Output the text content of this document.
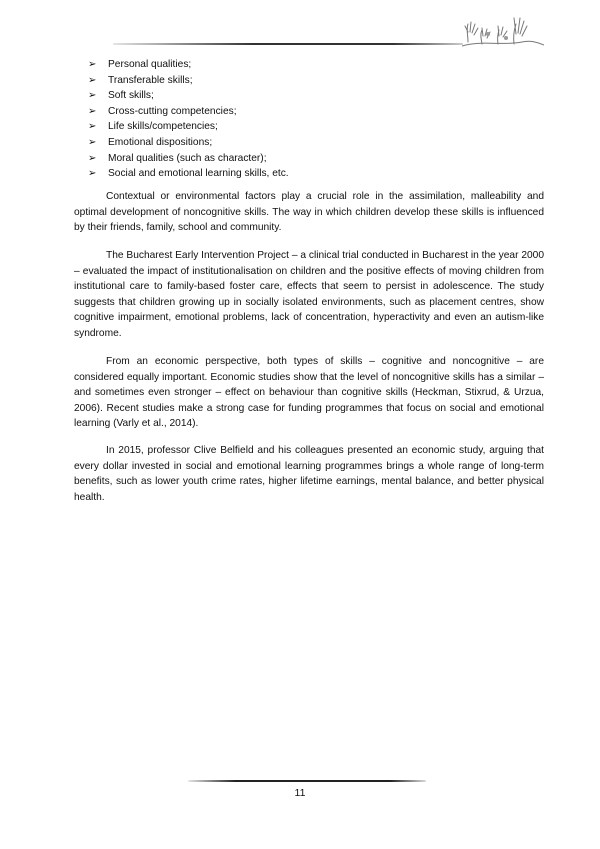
➢ Personal qualities;
➢ Transferable skills;
➢ Soft skills;
➢ Cross-cutting competencies;
➢ Life skills/competencies;
➢ Emotional dispositions;
➢ Moral qualities (such as character);
➢ Social and emotional learning skills, etc.

Contextual or environmental factors play a crucial role in the assimilation, malleability and optimal development of noncognitive skills. The way in which children develop these skills is influenced by their friends, family, school and community.

The Bucharest Early Intervention Project – a clinical trial conducted in Bucharest in the year 2000 – evaluated the impact of institutionalisation on children and the positive effects of moving children from institutional care to family-based foster care, effects that seem to persist in adolescence. The study suggests that children growing up in socially isolated environments, such as placement centres, show cognitive impairment, emotional problems, lack of concentration, hyperactivity and even an autism-like syndrome.

From an economic perspective, both types of skills – cognitive and noncognitive – are considered equally important. Economic studies show that the level of noncognitive skills has a similar – and sometimes even stronger – effect on behaviour than cognitive skills (Heckman, Stixrud, & Urzua, 2006). Recent studies make a strong case for funding programmes that focus on social and emotional learning (Varly et al., 2014).

In 2015, professor Clive Belfield and his colleagues presented an economic study, arguing that every dollar invested in social and emotional learning programmes brings a whole range of long-term benefits, such as lower youth crime rates, higher lifetime earnings, mental balance, and better physical health.

11
